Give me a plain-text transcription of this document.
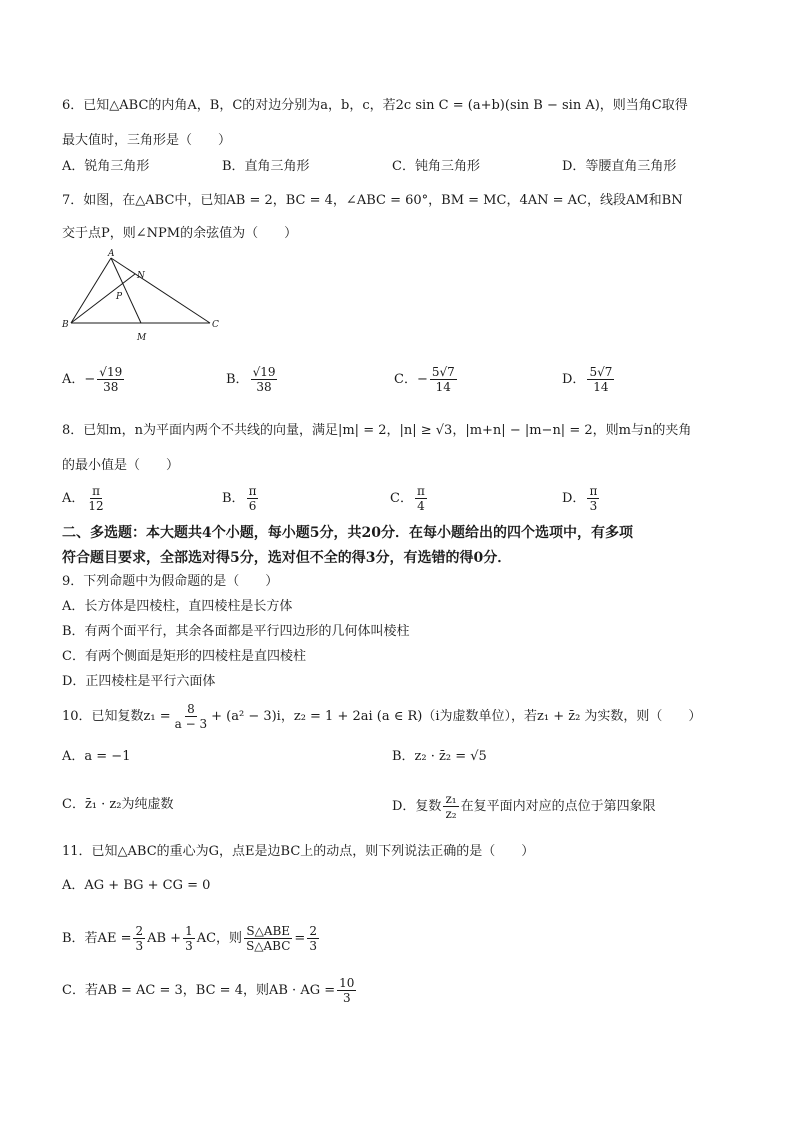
6．已知△ABC的内角A，B，C的对边分别为a，b，c，若2c sin C = (a+b)(sin B − sin A)，则当角C取得
最大值时，三角形是（　　）
A．锐角三角形	B．直角三角形	C．钝角三角形	D．等腰直角三角形
7．如图，在△ABC中，已知AB = 2，BC = 4，∠ABC = 60°，BM = MC，4AN = AC，线段AM和BN
交于点P，则∠NPM的余弦值为（　　）
A
N
P
B
M
C
A．− $\frac{√19}{38}$	B． $\frac{√19}{38}$	C．− $\frac{5√7}{14}$	D． $\frac{5√7}{14}$
8．已知m，n为平面内两个不共线的向量，满足|m| = 2，|n| ≥ √3，|m+n| − |m−n| = 2，则m与n的夹角
的最小值是（　　）
A． $\frac{\pi}{12}$	B． $\frac{\pi}{6}$	C． $\frac{\pi}{4}$	D． $\frac{\pi}{3}$
二、多选题：本大题共4个小题，每小题5分，共20分．在每小题给出的四个选项中，有多项
符合题目要求，全部选对得5分，选对但不全的得3分，有选错的得0分．
9．下列命题中为假命题的是（　　）
A．长方体是四棱柱，直四棱柱是长方体
B．有两个面平行，其余各面都是平行四边形的几何体叫棱柱
C．有两个侧面是矩形的四棱柱是直四棱柱
D．正四棱柱是平行六面体
10．已知复数$z_1 = \frac{8}{a - 3} + (a^2 - 3)i$，z₂ = 1 + 2ai (a ∈ R)（i为虚数单位），若z₁ + z̄₂ 为实数，则（　　）
A．a = −1	B．z₂ · z̄₂ = √5
C．z̄₁ · z₂为纯虚数	D．复数 $\frac{\text{z₁}}{\text{z₂}}$ 在复平面内对应的点位于第四象限
11．已知△ABC的重心为G，点E是边BC上的动点，则下列说法正确的是（　　）
A．AG + BG + CG = 0
B．若AE = $\frac{2}{3}$ AB + $\frac{1}{3}$ AC，则 $\frac{\text{S△ABE}}{\text{S△ABC}} = \frac{2}{3}$
C．若AB = AC = 3，BC = 4，则AB · AG = $\frac{10}{3}$
